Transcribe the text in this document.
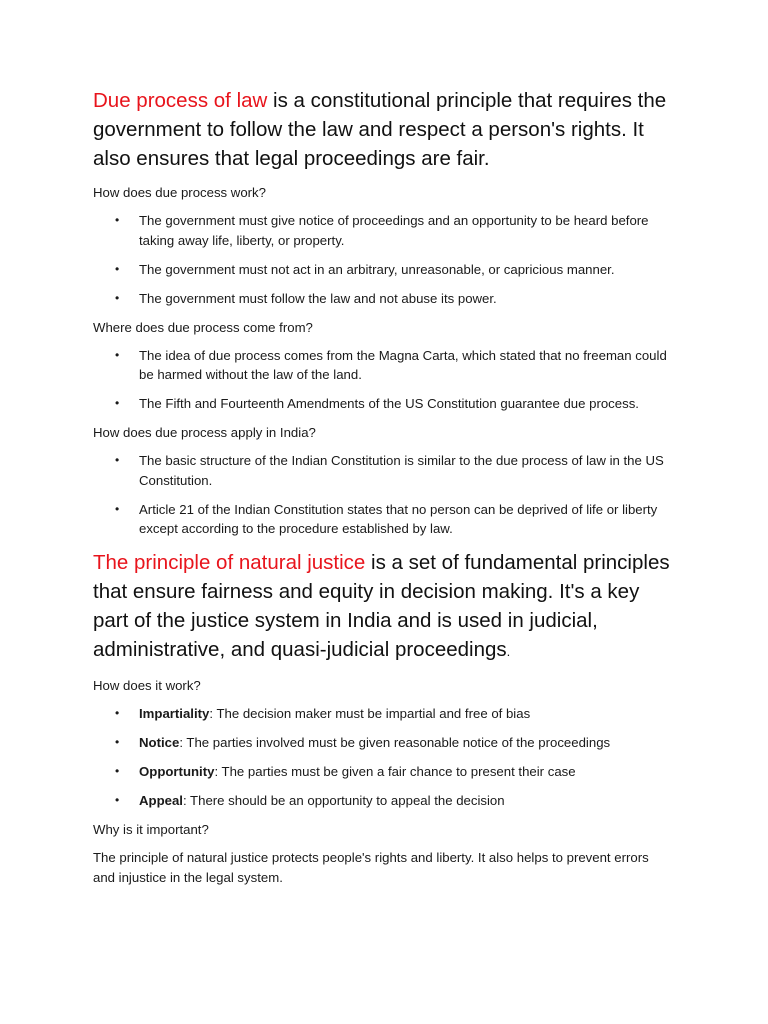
Due process of law is a constitutional principle that requires the government to follow the law and respect a person's rights. It also ensures that legal proceedings are fair.

How does due process work?

• The government must give notice of proceedings and an opportunity to be heard before taking away life, liberty, or property.
• The government must not act in an arbitrary, unreasonable, or capricious manner.
• The government must follow the law and not abuse its power.

Where does due process come from?

• The idea of due process comes from the Magna Carta, which stated that no freeman could be harmed without the law of the land.
• The Fifth and Fourteenth Amendments of the US Constitution guarantee due process.

How does due process apply in India?

• The basic structure of the Indian Constitution is similar to the due process of law in the US Constitution.
• Article 21 of the Indian Constitution states that no person can be deprived of life or liberty except according to the procedure established by law.

The principle of natural justice is a set of fundamental principles that ensure fairness and equity in decision making. It's a key part of the justice system in India and is used in judicial, administrative, and quasi-judicial proceedings.

How does it work?

• Impartiality: The decision maker must be impartial and free of bias
• Notice: The parties involved must be given reasonable notice of the proceedings
• Opportunity: The parties must be given a fair chance to present their case
• Appeal: There should be an opportunity to appeal the decision

Why is it important?

The principle of natural justice protects people's rights and liberty. It also helps to prevent errors and injustice in the legal system.
